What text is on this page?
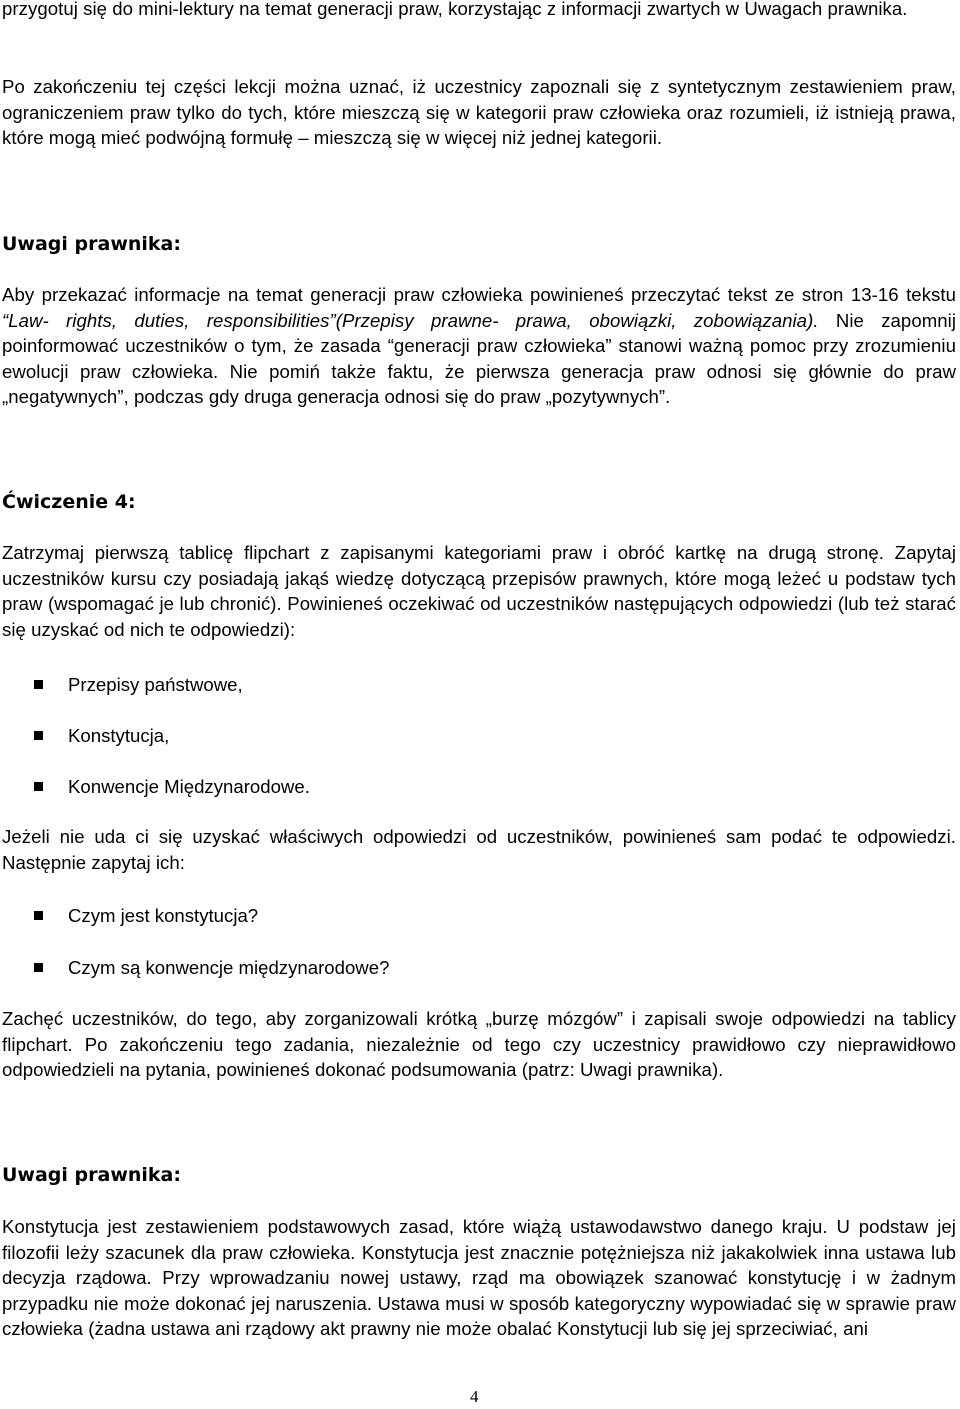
przygotuj się do mini-lektury na temat generacji praw, korzystając z informacji zwartych w Uwagach prawnika.

Po zakończeniu tej części lekcji można uznać, iż uczestnicy zapoznali się z syntetycznym zestawieniem praw, ograniczeniem praw tylko do tych, które mieszczą się w kategorii praw człowieka oraz rozumieli, iż istnieją prawa, które mogą mieć podwójną formułę – mieszczą się w więcej niż jednej kategorii.

Uwagi prawnika:

Aby przekazać informacje na temat generacji praw człowieka powinieneś przeczytać tekst ze stron 13-16 tekstu “Law- rights, duties, responsibilities”(Przepisy prawne- prawa, obowiązki, zobowiązania). Nie zapomnij poinformować uczestników o tym, że zasada “generacji praw człowieka” stanowi ważną pomoc przy zrozumieniu ewolucji praw człowieka. Nie pomiń także faktu, że pierwsza generacja praw odnosi się głównie do praw „negatywnych”, podczas gdy druga generacja odnosi się do praw „pozytywnych”.

Ćwiczenie 4:

Zatrzymaj pierwszą tablicę flipchart z zapisanymi kategoriami praw i obróć kartkę na drugą stronę. Zapytaj uczestników kursu czy posiadają jakąś wiedzę dotyczącą przepisów prawnych, które mogą leżeć u podstaw tych praw (wspomagać je lub chronić). Powinieneś oczekiwać od uczestników następujących odpowiedzi (lub też starać się uzyskać od nich te odpowiedzi):

Przepisy państwowe,
Konstytucja,
Konwencje Międzynarodowe.

Jeżeli nie uda ci się uzyskać właściwych odpowiedzi od uczestników, powinieneś sam podać te odpowiedzi. Następnie zapytaj ich:

Czym jest konstytucja?
Czym są konwencje międzynarodowe?

Zachęć uczestników, do tego, aby zorganizowali krótką „burzę mózgów” i zapisali swoje odpowiedzi na tablicy flipchart. Po zakończeniu tego zadania, niezależnie od tego czy uczestnicy prawidłowo czy nieprawidłowo odpowiedzieli na pytania, powinieneś dokonać podsumowania (patrz: Uwagi prawnika).

Uwagi prawnika:

Konstytucja jest zestawieniem podstawowych zasad, które wiążą ustawodawstwo danego kraju. U podstaw jej filozofii leży szacunek dla praw człowieka. Konstytucja jest znacznie potężniejsza niż jakakolwiek inna ustawa lub decyzja rządowa. Przy wprowadzaniu nowej ustawy, rząd ma obowiązek szanować konstytucję i w żadnym przypadku nie może dokonać jej naruszenia. Ustawa musi w sposób kategoryczny wypowiadać się w sprawie praw człowieka (żadna ustawa ani rządowy akt prawny nie może obalać Konstytucji lub się jej sprzeciwiać, ani

4
